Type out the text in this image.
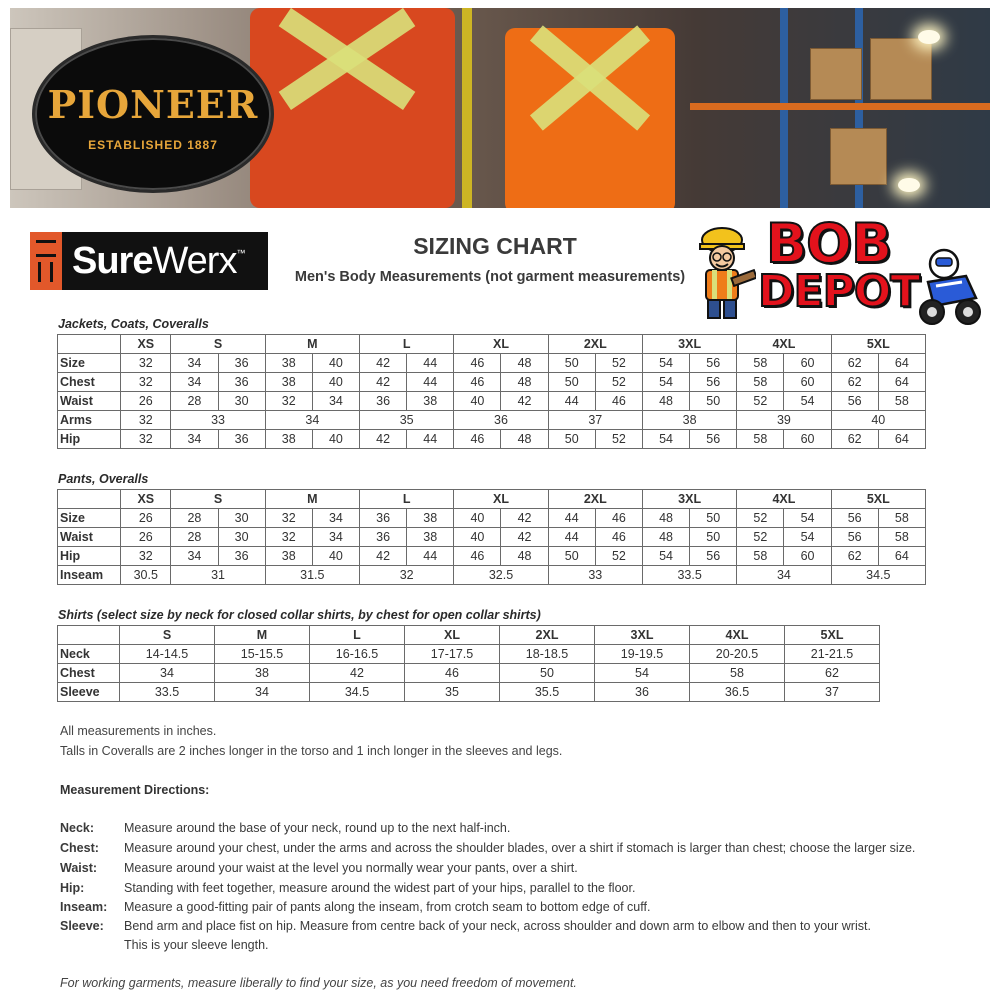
PIONEER
ESTABLISHED 1887
SureWerx ™	SIZING CHART
Men's Body Measurements (not garment measurements)
BOB
DEPOT
Jackets, Coats, Coveralls
	XS	S		M		L		XL		2XL		3XL		4XL		5XL	
Size	32	34	36	38	40	42	44	46	48	50	52	54	56	58	60	62	64
Chest	32	34	36	38	40	42	44	46	48	50	52	54	56	58	60	62	64
Waist	26	28	30	32	34	36	38	40	42	44	46	48	50	52	54	56	58
Arms	32	33		34		35		36		37		38		39		40	
Hip	32	34	36	38	40	42	44	46	48	50	52	54	56	58	60	62	64
Pants, Overalls
	XS	S		M		L		XL		2XL		3XL		4XL		5XL	
Size	26	28	30	32	34	36	38	40	42	44	46	48	50	52	54	56	58
Waist	26	28	30	32	34	36	38	40	42	44	46	48	50	52	54	56	58
Hip	32	34	36	38	40	42	44	46	48	50	52	54	56	58	60	62	64
Inseam	30.5	31		31.5		32		32.5		33		33.5		34		34.5	
Shirts (select size by neck for closed collar shirts, by chest for open collar shirts)
	S	M	L	XL	2XL	3XL	4XL	5XL
Neck	14-14.5	15-15.5	16-16.5	17-17.5	18-18.5	19-19.5	20-20.5	21-21.5
Chest	34	38	42	46	50	54	58	62
Sleeve	33.5	34	34.5	35	35.5	36	36.5	37
All measurements in inches.
Talls in Coveralls are 2 inches longer in the torso and 1 inch longer in the sleeves and legs.
Measurement Directions:
Neck:	Measure around the base of your neck, round up to the next half-inch.
Chest:	Measure around your chest, under the arms and across the shoulder blades, over a shirt if stomach is larger than chest; choose the larger size.
Waist:	Measure around your waist at the level you normally wear your pants, over a shirt.
Hip:	Standing with feet together, measure around the widest part of your hips, parallel to the floor.
Inseam:	Measure a good-fitting pair of pants along the inseam, from crotch seam to bottom edge of cuff.
Sleeve:	Bend arm and place fist on hip. Measure from centre back of your neck, across shoulder and down arm to elbow and then to your wrist.
This is your sleeve length.
For working garments, measure liberally to find your size, as you need freedom of movement.
